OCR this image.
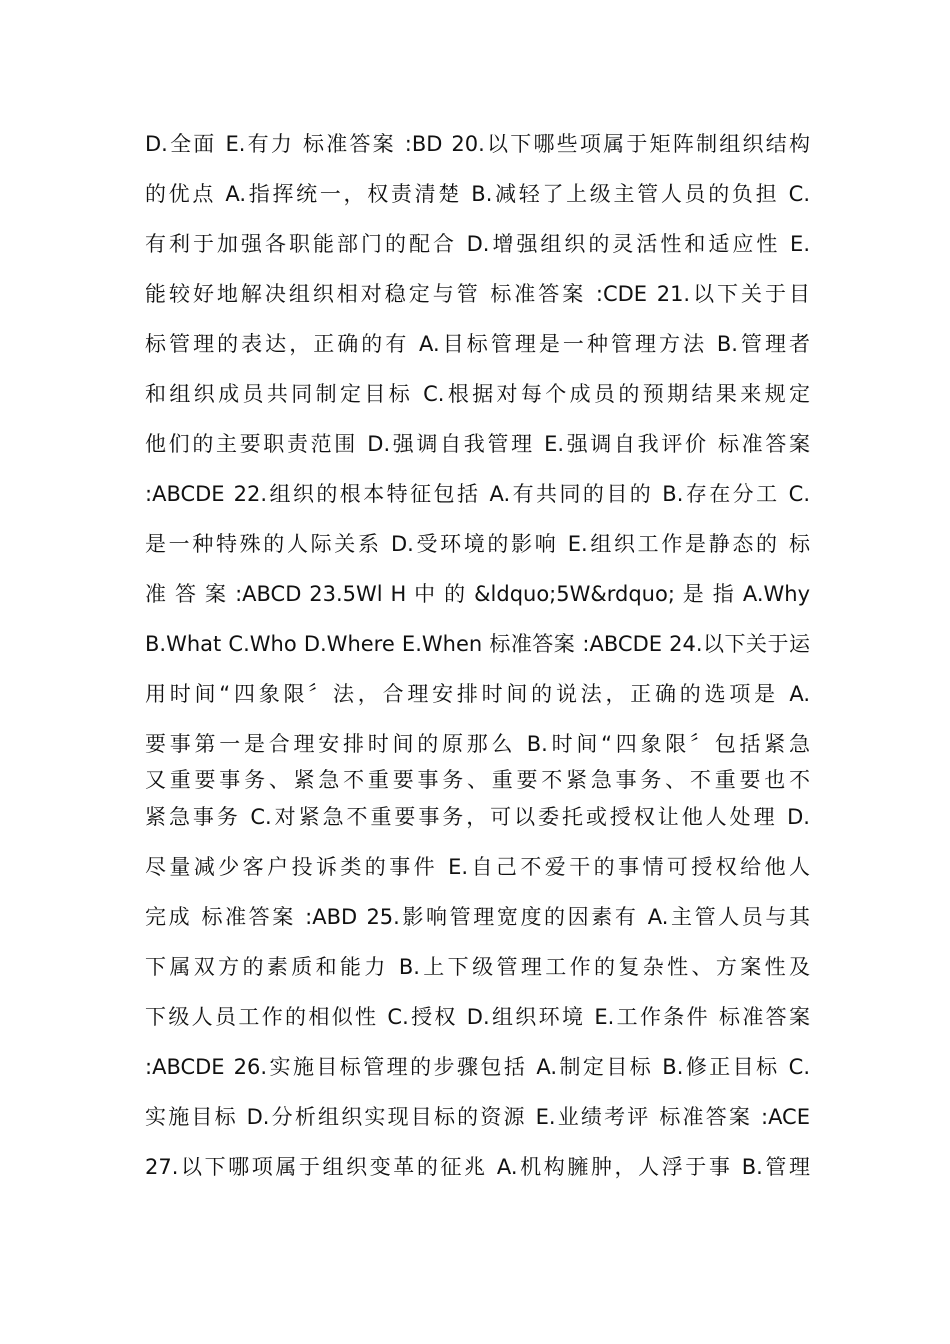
D.全面 E.有力 标准答案 :BD 20.以下哪些项属于矩阵制组织结构
的优点 A.指挥统一，权责清楚 B.减轻了上级主管人员的负担 C.
有利于加强各职能部门的配合 D.增强组织的灵活性和适应性 E.
能较好地解决组织相对稳定与管 标准答案 :CDE 21.以下关于目
标管理的表达，正确的有 A.目标管理是一种管理方法 B.管理者
和组织成员共同制定目标 C.根据对每个成员的预期结果来规定
他们的主要职责范围 D.强调自我管理 E.强调自我评价 标准答案
:ABCDE 22.组织的根本特征包括 A.有共同的目的 B.存在分工 C.
是一种特殊的人际关系 D.受环境的影响 E.组织工作是静态的 标
准 答 案 :ABCD 23.5Wl H 中 的 &ldquo;5W&rdquo; 是 指 A.Why
B.What C.Who D.Where E.When 标准答案 :ABCDE 24.以下关于运
用时间“四象限〞法，合理安排时间的说法，正确的选项是 A.
要事第一是合理安排时间的原那么 B.时间“四象限〞包括紧急
又重要事务、紧急不重要事务、重要不紧急事务、不重要也不
紧急事务 C.对紧急不重要事务，可以委托或授权让他人处理 D.
尽量减少客户投诉类的事件 E.自己不爱干的事情可授权给他人
完成 标准答案 :ABD 25.影响管理宽度的因素有 A.主管人员与其
下属双方的素质和能力 B.上下级管理工作的复杂性、方案性及
下级人员工作的相似性 C.授权 D.组织环境 E.工作条件 标准答案
:ABCDE 26.实施目标管理的步骤包括 A.制定目标 B.修正目标 C.
实施目标 D.分析组织实现目标的资源 E.业绩考评 标准答案 :ACE
27.以下哪项属于组织变革的征兆 A.机构臃肿，人浮于事 B.管理
